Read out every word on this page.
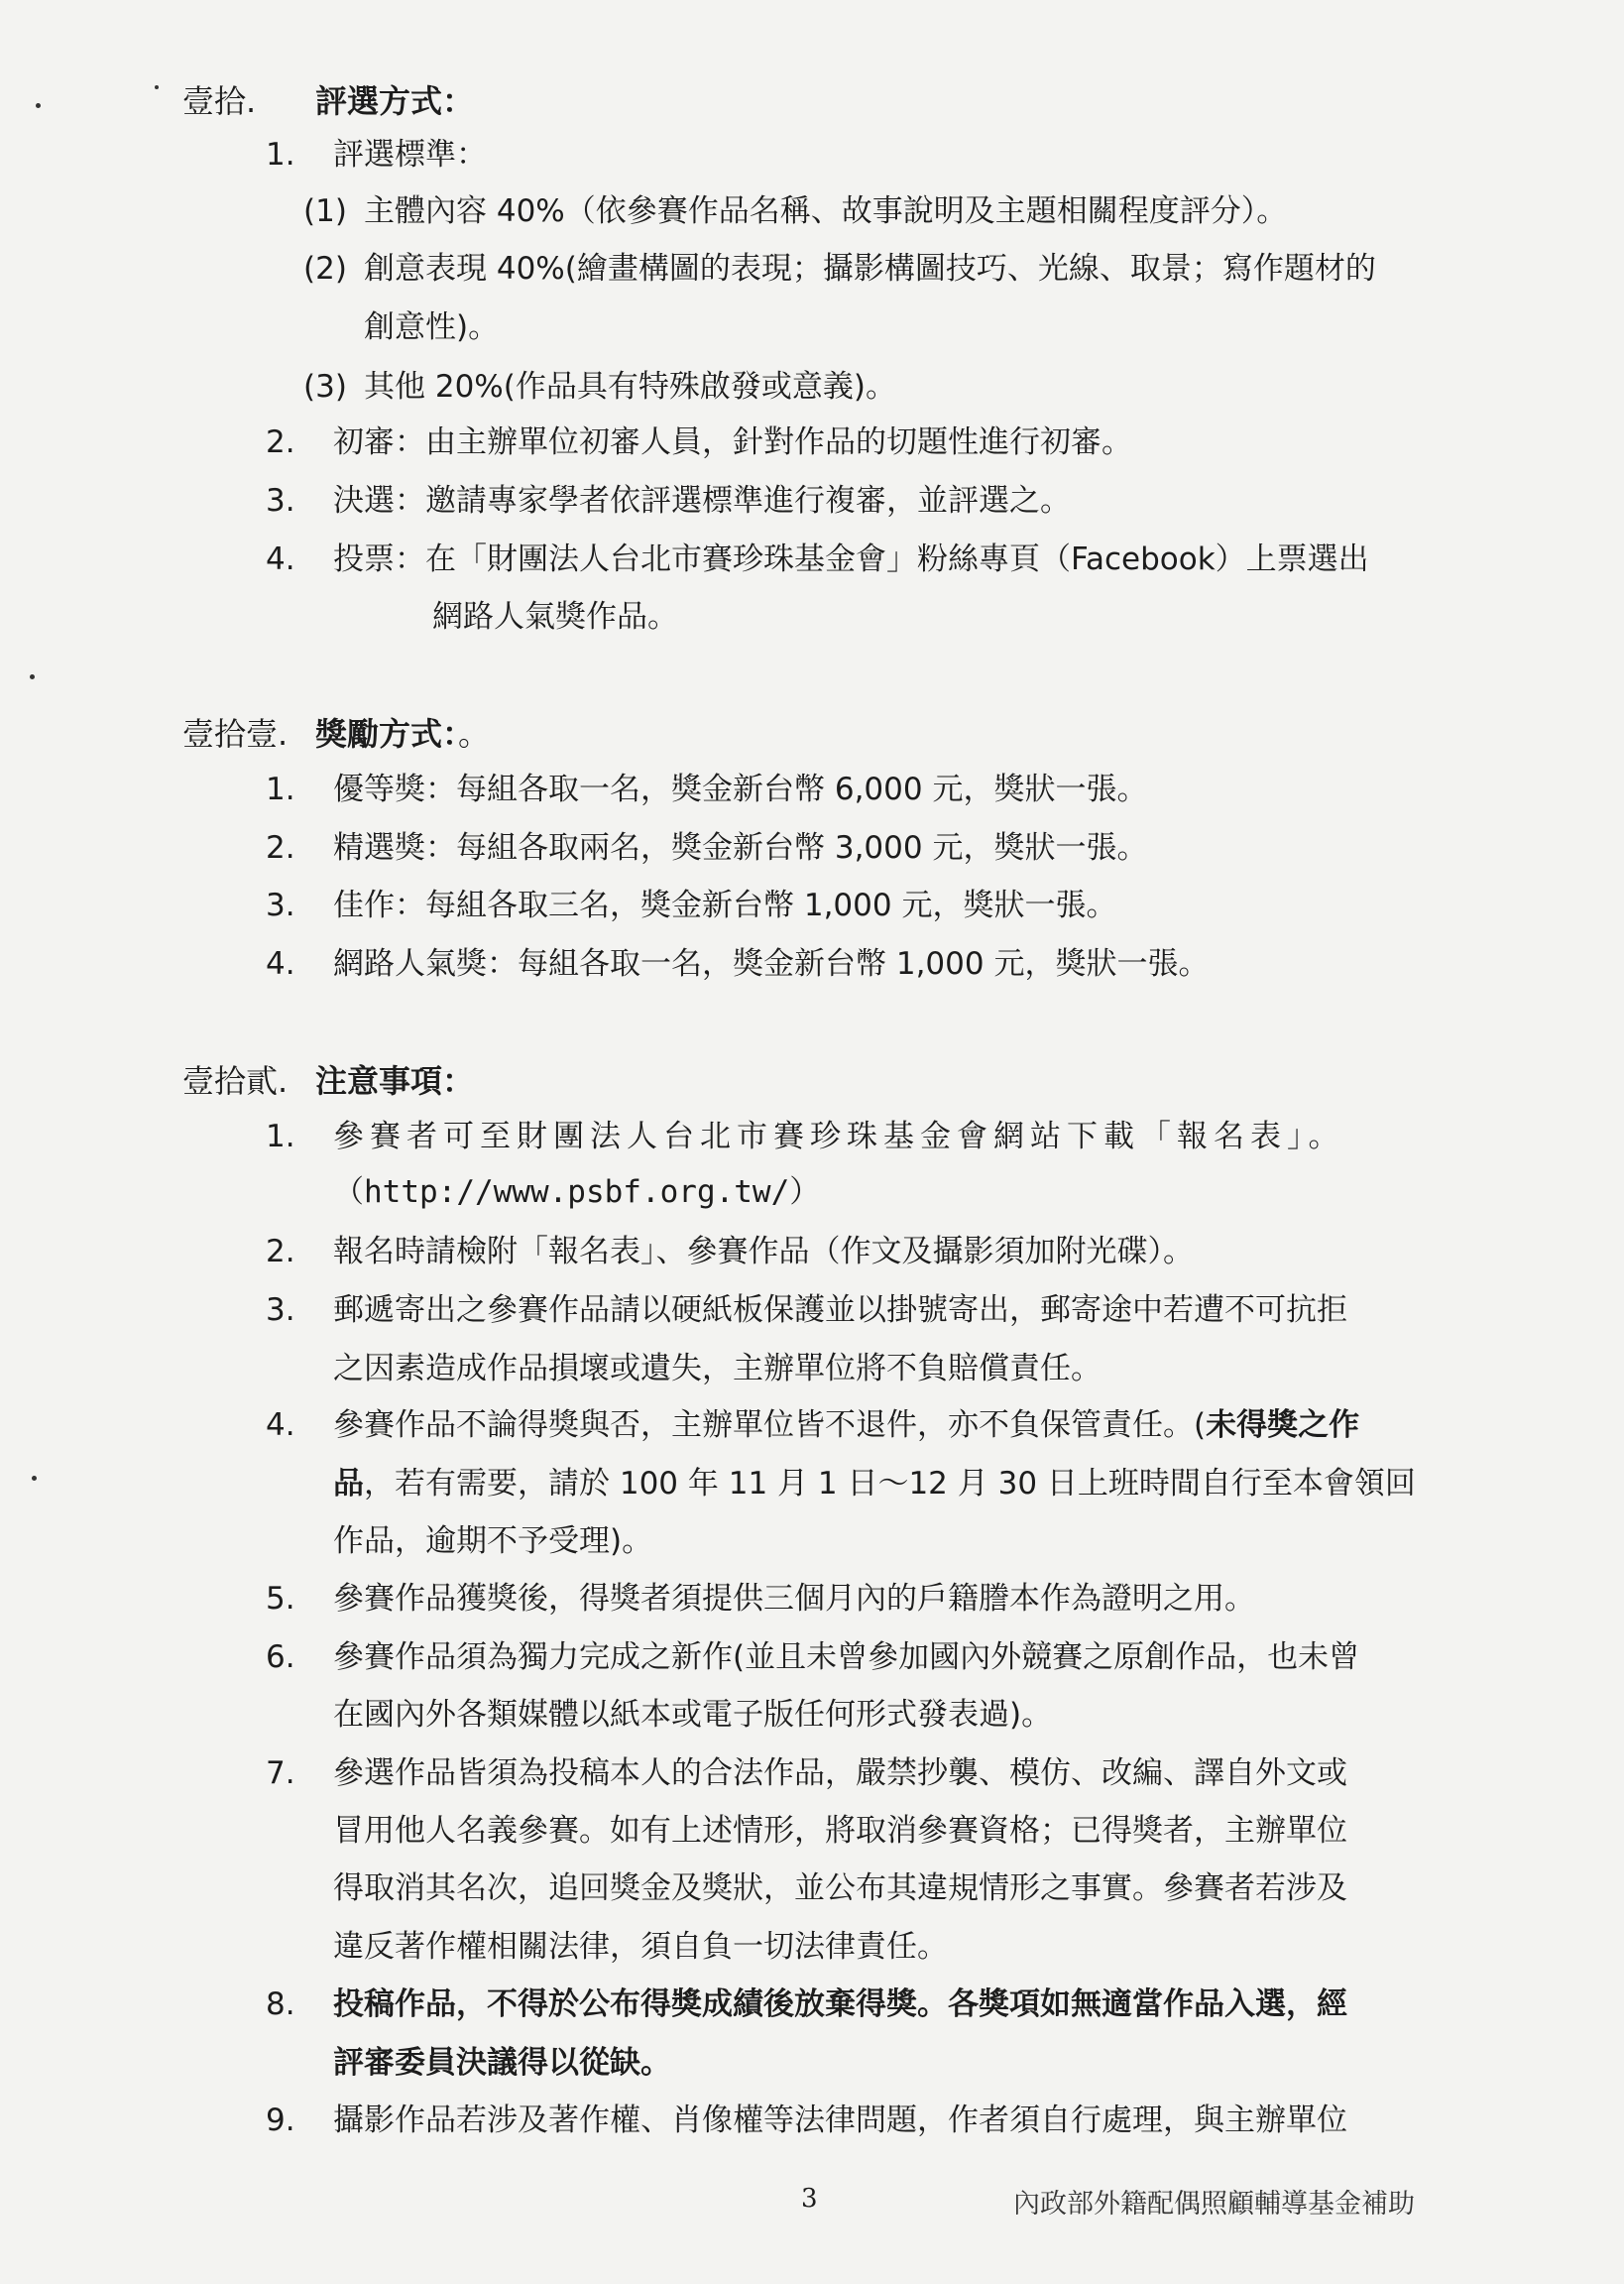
壹拾. 評選方式：
1. 評選標準：
(1) 主體內容 40%（依參賽作品名稱、故事說明及主題相關程度評分）。
(2) 創意表現 40%(繪畫構圖的表現；攝影構圖技巧、光線、取景；寫作題材的
創意性)。
(3) 其他 20%(作品具有特殊啟發或意義)。
2. 初審：由主辦單位初審人員，針對作品的切題性進行初審。
3. 決選：邀請專家學者依評選標準進行複審，並評選之。
4. 投票：在「財團法人台北市賽珍珠基金會」粉絲專頁（Facebook）上票選出
網路人氣獎作品。
壹拾壹. 獎勵方式：。
1. 優等獎：每組各取一名，獎金新台幣 6,000 元，獎狀一張。
2. 精選獎：每組各取兩名，獎金新台幣 3,000 元，獎狀一張。
3. 佳作：每組各取三名，獎金新台幣 1,000 元，獎狀一張。
4. 網路人氣獎：每組各取一名，獎金新台幣 1,000 元，獎狀一張。
壹拾貳. 注意事項：
1. 參賽者可至財團法人台北市賽珍珠基金會網站下載「報名表」。
（http://www.psbf.org.tw/）
2. 報名時請檢附「報名表」、參賽作品（作文及攝影須加附光碟）。
3. 郵遞寄出之參賽作品請以硬紙板保護並以掛號寄出，郵寄途中若遭不可抗拒
之因素造成作品損壞或遺失，主辦單位將不負賠償責任。
4. 參賽作品不論得獎與否，主辦單位皆不退件，亦不負保管責任。(未得獎之作
品，若有需要，請於 100 年 11 月 1 日～12 月 30 日上班時間自行至本會領回
作品，逾期不予受理)。
5. 參賽作品獲獎後，得獎者須提供三個月內的戶籍謄本作為證明之用。
6. 參賽作品須為獨力完成之新作(並且未曾參加國內外競賽之原創作品，也未曾
在國內外各類媒體以紙本或電子版任何形式發表過)。
7. 參選作品皆須為投稿本人的合法作品，嚴禁抄襲、模仿、改編、譯自外文或
冒用他人名義參賽。如有上述情形，將取消參賽資格；已得獎者，主辦單位
得取消其名次，追回獎金及獎狀，並公布其違規情形之事實。參賽者若涉及
違反著作權相關法律，須自負一切法律責任。
8. 投稿作品，不得於公布得獎成績後放棄得獎。各獎項如無適當作品入選，經
評審委員決議得以從缺。
9. 攝影作品若涉及著作權、肖像權等法律問題，作者須自行處理，與主辦單位
3	內政部外籍配偶照顧輔導基金補助
